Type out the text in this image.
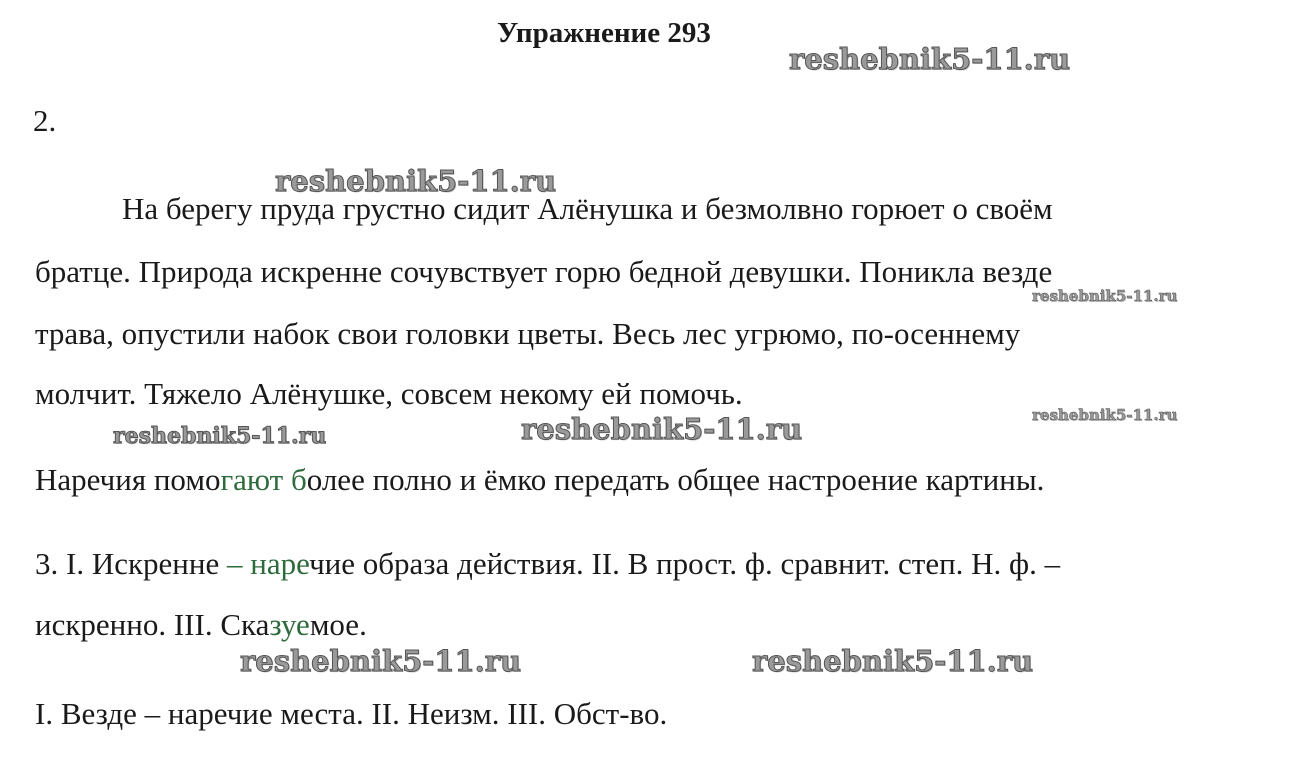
Упражнение 293
reshebnik5-11.ru
2.
reshebnik5-11.ru
На берегу пруда грустно сидит Алёнушка и безмолвно горюет о своём
братце. Природа искренне сочувствует горю бедной девушки. Поникла везде
reshebnik5-11.ru
трава, опустили набок свои головки цветы. Весь лес угрюмо, по-осеннему
молчит. Тяжело Алёнушке, совсем некому ей помочь.
reshebnik5-11.ru
reshebnik5-11.ru	reshebnik5-11.ru
Наречия помогают более полно и ёмко передать общее настроение картины.
3. I. Искренне – наречие образа действия. II. В прост. ф. сравнит. степ. Н. ф. –
искренно. III. Сказуемое.
reshebnik5-11.ru	reshebnik5-11.ru
I. Везде – наречие места. II. Неизм. III. Обст-во.
